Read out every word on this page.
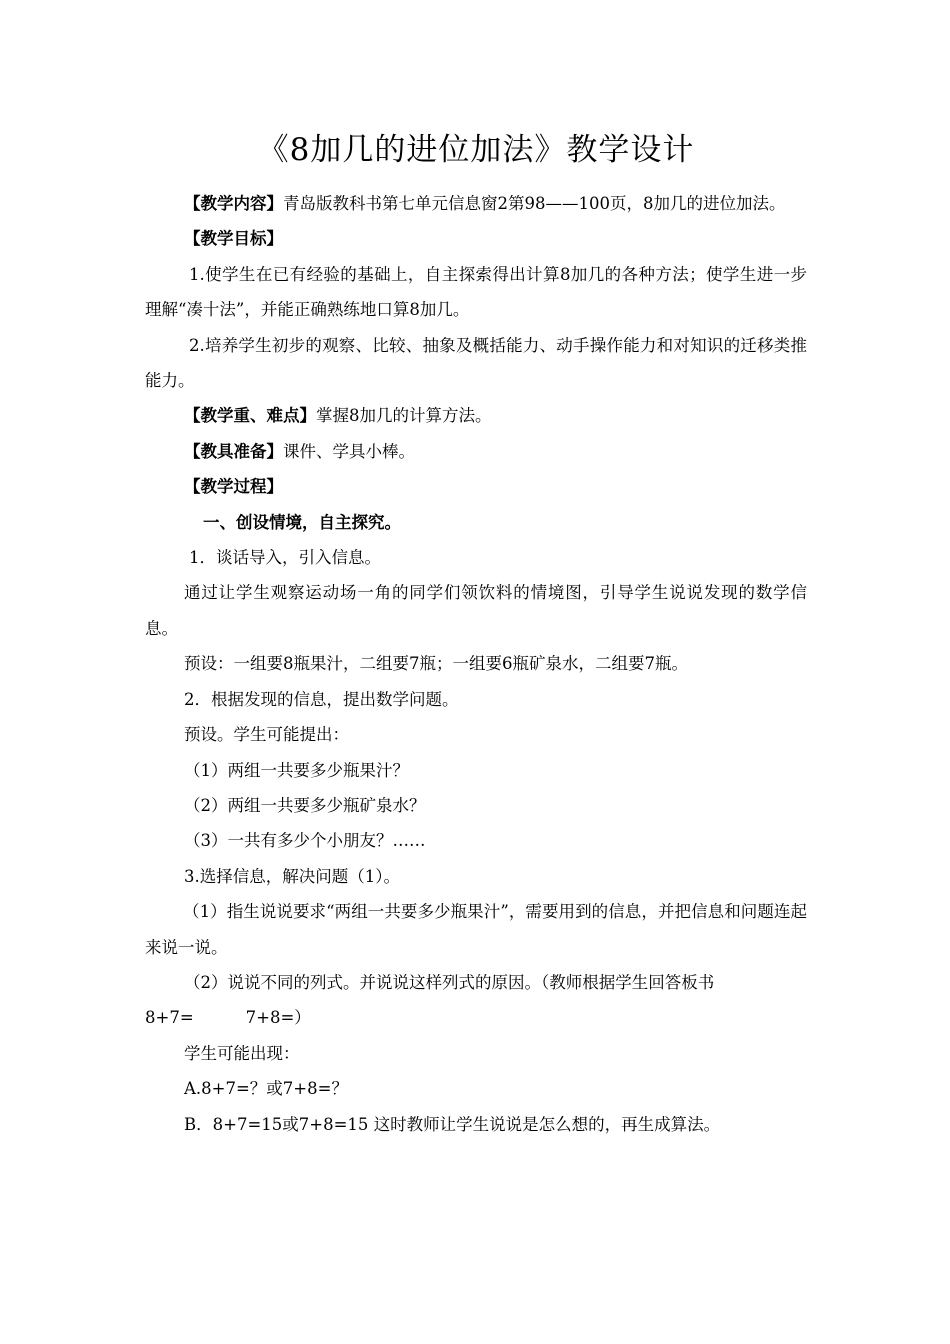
《8加几的进位加法》教学设计

【教学内容】青岛版教科书第七单元信息窗2第98——100页，8加几的进位加法。

【教学目标】

1.使学生在已有经验的基础上，自主探索得出计算8加几的各种方法；使学生进一步理解“凑十法”，并能正确熟练地口算8加几。

2.培养学生初步的观察、比较、抽象及概括能力、动手操作能力和对知识的迁移类推能力。

【教学重、难点】掌握8加几的计算方法。

【教具准备】课件、学具小棒。

【教学过程】

一、创设情境，自主探究。

1．谈话导入，引入信息。

通过让学生观察运动场一角的同学们领饮料的情境图，引导学生说说发现的数学信息。

预设：一组要8瓶果汁，二组要7瓶；一组要6瓶矿泉水，二组要7瓶。

2．根据发现的信息，提出数学问题。

预设。学生可能提出：

（1）两组一共要多少瓶果汁？

（2）两组一共要多少瓶矿泉水？

（3）一共有多少个小朋友？……

3.选择信息，解决问题（1）。

（1）指生说说要求“两组一共要多少瓶果汁”，需要用到的信息，并把信息和问题连起来说一说。

（2）说说不同的列式。并说说这样列式的原因。（教师根据学生回答板书

8+7=	7+8=）

学生可能出现：

A.8+7=？或7+8=？

B．8+7=15或7+8=15 这时教师让学生说说是怎么想的，再生成算法。
